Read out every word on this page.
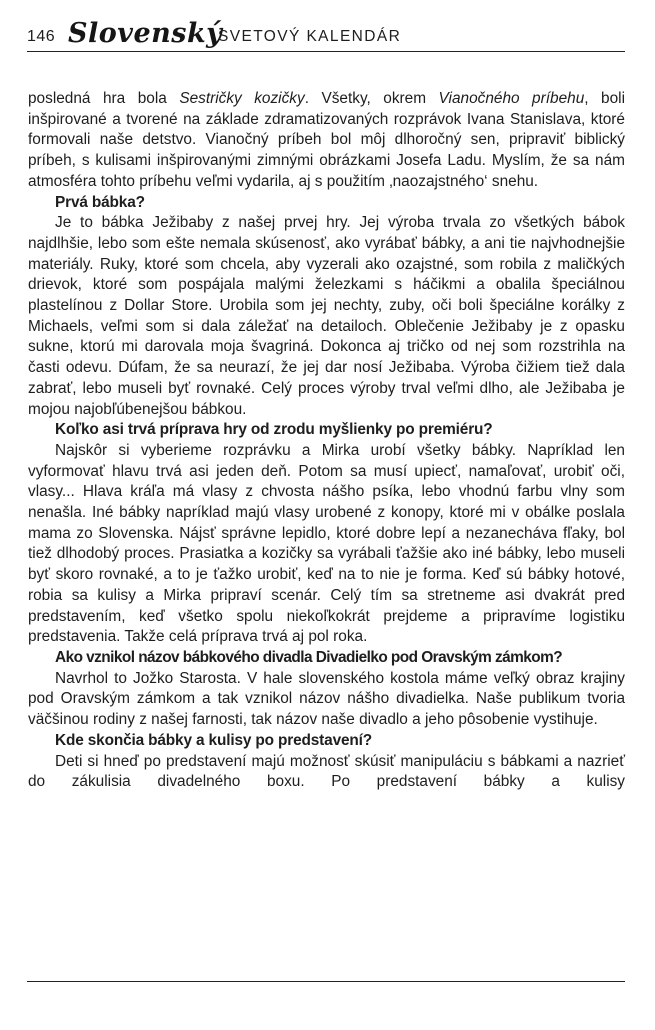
146 Slovenský
SVETOVÝ KALENDÁR

posledná hra bola Sestričky kozičky. Všetky, okrem Vianočného príbehu, boli inšpirované a tvorené na základe zdramatizovaných rozprávok Ivana Stanislava, ktoré formovali naše detstvo. Vianočný príbeh bol môj dlhoročný sen, pripraviť biblický príbeh, s kulisami inšpirovanými zimnými obrázkami Josefa Ladu. Myslím, že sa nám atmosféra tohto príbehu veľmi vydarila, aj s použitím ‚naozajstného‘ snehu.

Prvá bábka?

Je to bábka Ježibaby z našej prvej hry. Jej výroba trvala zo všetkých bábok najdlhšie, lebo som ešte nemala skúsenosť, ako vyrábať bábky, a ani tie najvhodnejšie materiály. Ruky, ktoré som chcela, aby vyzerali ako ozajstné, som robila z maličkých drievok, ktoré som pospájala malými železkami s háčikmi a obalila špeciálnou plastelínou z Dollar Store. Urobila som jej nechty, zuby, oči boli špeciálne korálky z Michaels, veľmi som si dala záležať na detailoch. Oblečenie Ježibaby je z opasku sukne, ktorú mi darovala moja švagriná. Dokonca aj tričko od nej som rozstrihla na časti odevu. Dúfam, že sa neurazí, že jej dar nosí Ježibaba. Výroba čižiem tiež dala zabrať, lebo museli byť rovnaké. Celý proces výroby trval veľmi dlho, ale Ježibaba je mojou najobľúbenejšou bábkou.

Koľko asi trvá príprava hry od zrodu myšlienky po premiéru?

Najskôr si vyberieme rozprávku a Mirka urobí všetky bábky. Napríklad len vyformovať hlavu trvá asi jeden deň. Potom sa musí upiecť, namaľovať, urobiť oči, vlasy... Hlava kráľa má vlasy z chvosta nášho psíka, lebo vhodnú farbu vlny som nenašla. Iné bábky napríklad majú vlasy urobené z konopy, ktoré mi v obálke poslala mama zo Slovenska. Nájsť správne lepidlo, ktoré dobre lepí a nezanecháva fľaky, bol tiež dlhodobý proces. Prasiatka a kozičky sa vyrábali ťažšie ako iné bábky, lebo museli byť skoro rovnaké, a to je ťažko urobiť, keď na to nie je forma. Keď sú bábky hotové, robia sa kulisy a Mirka pripraví scenár. Celý tím sa stretneme asi dvakrát pred predstavením, keď všetko spolu niekoľkokrát prejdeme a pripravíme logistiku predstavenia. Takže celá príprava trvá aj pol roka.

Ako vznikol názov bábkového divadla Divadielko pod Oravským zámkom?

Navrhol to Jožko Starosta. V hale slovenského kostola máme veľký obraz krajiny pod Oravským zámkom a tak vznikol názov nášho divadielka. Naše publikum tvoria väčšinou rodiny z našej farnosti, tak názov naše divadlo a jeho pôsobenie vystihuje.

Kde skončia bábky a kulisy po predstavení?

Deti si hneď po predstavení majú možnosť skúsiť manipuláciu s bábkami a nazrieť do zákulisia divadelného boxu. Po predstavení bábky a kulisy
